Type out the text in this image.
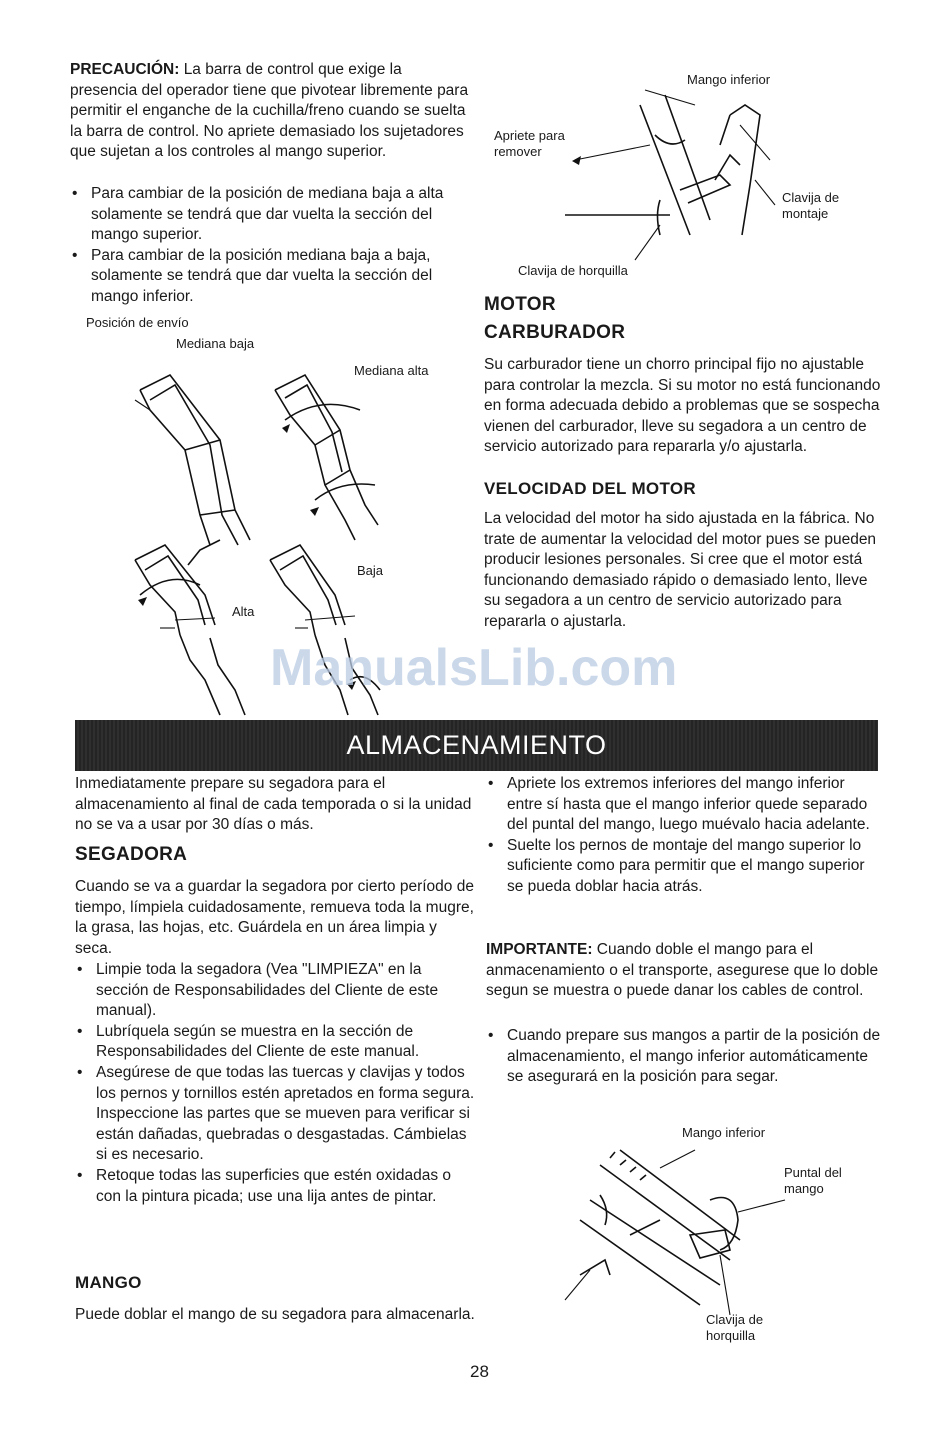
PRECAUCIÓN: La barra de control que exige la presencia del operador tiene que pivotear libremente para permitir el enganche de la cuchilla/freno cuando se suelta la barra de control. No apriete demasiado los sujetadores que sujetan a los controles al mango superior.
• Para cambiar de la posición de mediana baja a alta solamente se tendrá que dar vuelta la sección del mango superior.
• Para cambiar de la posición mediana baja a baja, solamente se tendrá que dar vuelta la sección del mango inferior.
Posición de envío
Mediana baja
Mediana alta
Baja
Alta
Mango inferior
Apriete para remover
Clavija de montaje
Clavija de horquilla
MOTOR
CARBURADOR
Su carburador tiene un chorro principal fijo no ajustable para controlar la mezcla. Si su motor no está funcionando en forma adecuada debido a problemas que se sospecha vienen del carburador, lleve su segadora a un centro de servicio autorizado para repararla y/o ajustarla.
VELOCIDAD DEL MOTOR
La velocidad del motor ha sido ajustada en la fábrica. No trate de aumentar la velocidad del motor pues se pueden producir lesiones personales. Si cree que el motor está funcionando demasiado rápido o demasiado lento, lleve su segadora a un centro de servicio autorizado para repararla o ajustarla.
ManualsLib.com
ALMACENAMIENTO
Inmediatamente prepare su segadora para el almacenamiento al final de cada temporada o si la unidad no se va a usar por 30 días o más.
SEGADORA
Cuando se va a guardar la segadora por cierto período de tiempo, límpiela cuidadosamente, remueva toda la mugre, la grasa, las hojas, etc. Guárdela en un área limpia y seca.
• Limpie toda la segadora (Vea "LIMPIEZA" en la sección de Responsabilidades del Cliente de este manual).
• Lubríquela según se muestra en la sección de Responsabilidades del Cliente de este manual.
• Asegúrese de que todas las tuercas y clavijas y todos los pernos y tornillos estén apretados en forma segura. Inspeccione las partes que se mueven para verificar si están dañadas, quebradas o desgastadas. Cámbielas si es necesario.
• Retoque todas las superficies que estén oxidadas o con la pintura picada; use una lija antes de pintar.
MANGO
Puede doblar el mango de su segadora para almacenarla.
• Apriete los extremos inferiores del mango inferior entre sí hasta que el mango inferior quede separado del puntal del mango, luego muévalo hacia adelante.
• Suelte los pernos de montaje del mango superior lo suficiente como para permitir que el mango superior se pueda doblar hacia atrás.
IMPORTANTE: Cuando doble el mango para el anmacenamiento o el transporte, asegurese que lo doble segun se muestra o puede danar los cables de control.
• Cuando prepare sus mangos a partir de la posición de almacenamiento, el mango inferior automáticamente se asegurará en la posición para segar.
Mango inferior
Puntal del mango
Clavija de horquilla
28
